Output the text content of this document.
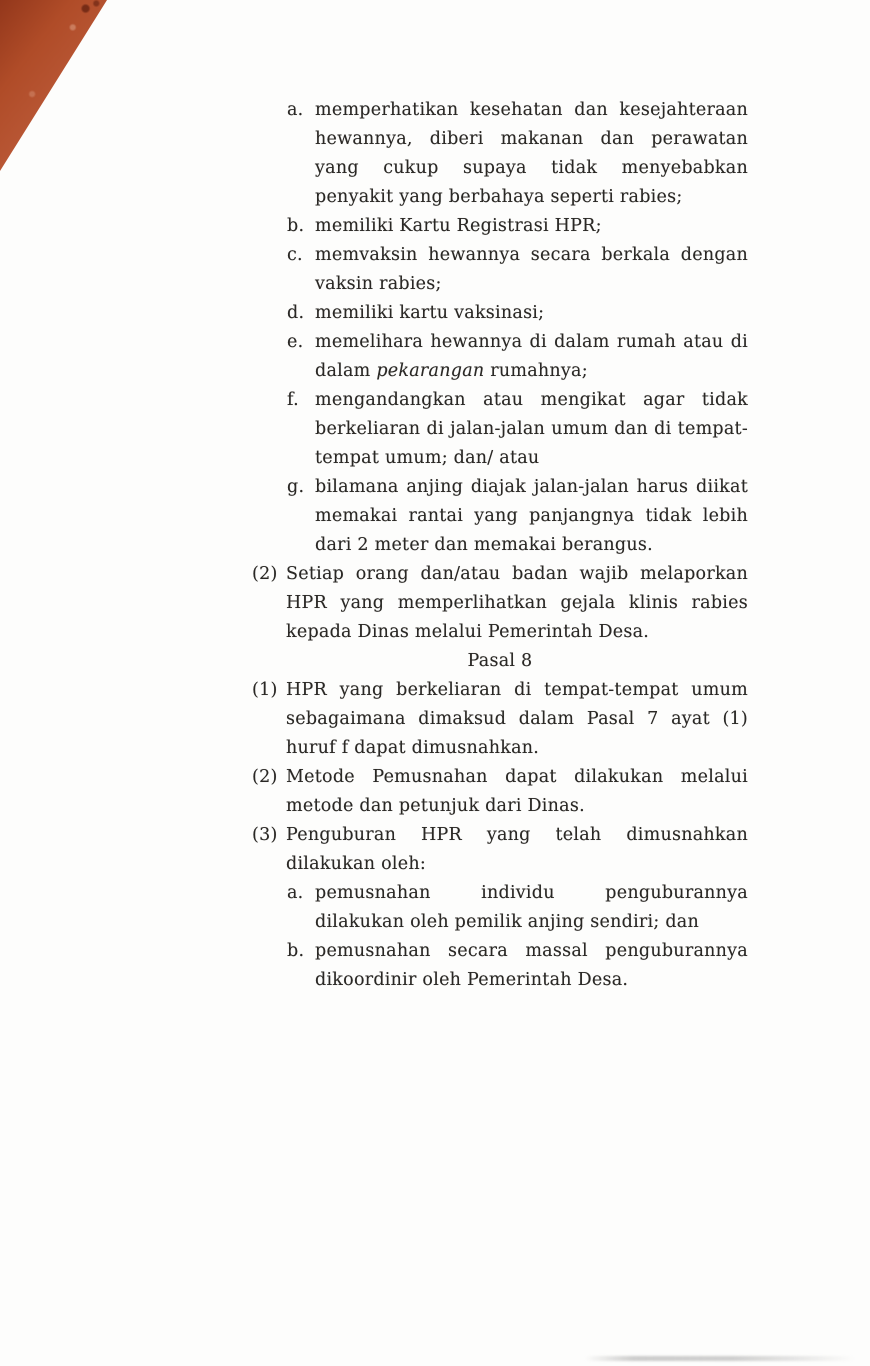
a. memperhatikan kesehatan dan kesejahteraan hewannya, diberi makanan dan perawatan yang cukup supaya tidak menyebabkan penyakit yang berbahaya seperti rabies;
b. memiliki Kartu Registrasi HPR;
c. memvaksin hewannya secara berkala dengan vaksin rabies;
d. memiliki kartu vaksinasi;
e. memelihara hewannya di dalam rumah atau di dalam pekarangan rumahnya;
f. mengandangkan atau mengikat agar tidak berkeliaran di jalan-jalan umum dan di tempat-tempat umum; dan/ atau
g. bilamana anjing diajak jalan-jalan harus diikat memakai rantai yang panjangnya tidak lebih dari 2 meter dan memakai berangus.
(2) Setiap orang dan/atau badan wajib melaporkan HPR yang memperlihatkan gejala klinis rabies kepada Dinas melalui Pemerintah Desa.
Pasal 8
(1) HPR yang berkeliaran di tempat-tempat umum sebagaimana dimaksud dalam Pasal 7 ayat (1) huruf f dapat dimusnahkan.
(2) Metode Pemusnahan dapat dilakukan melalui metode dan petunjuk dari Dinas.
(3) Penguburan HPR yang telah dimusnahkan dilakukan oleh:
a. pemusnahan individu penguburannya dilakukan oleh pemilik anjing sendiri; dan
b. pemusnahan secara massal penguburannya dikoordinir oleh Pemerintah Desa.
